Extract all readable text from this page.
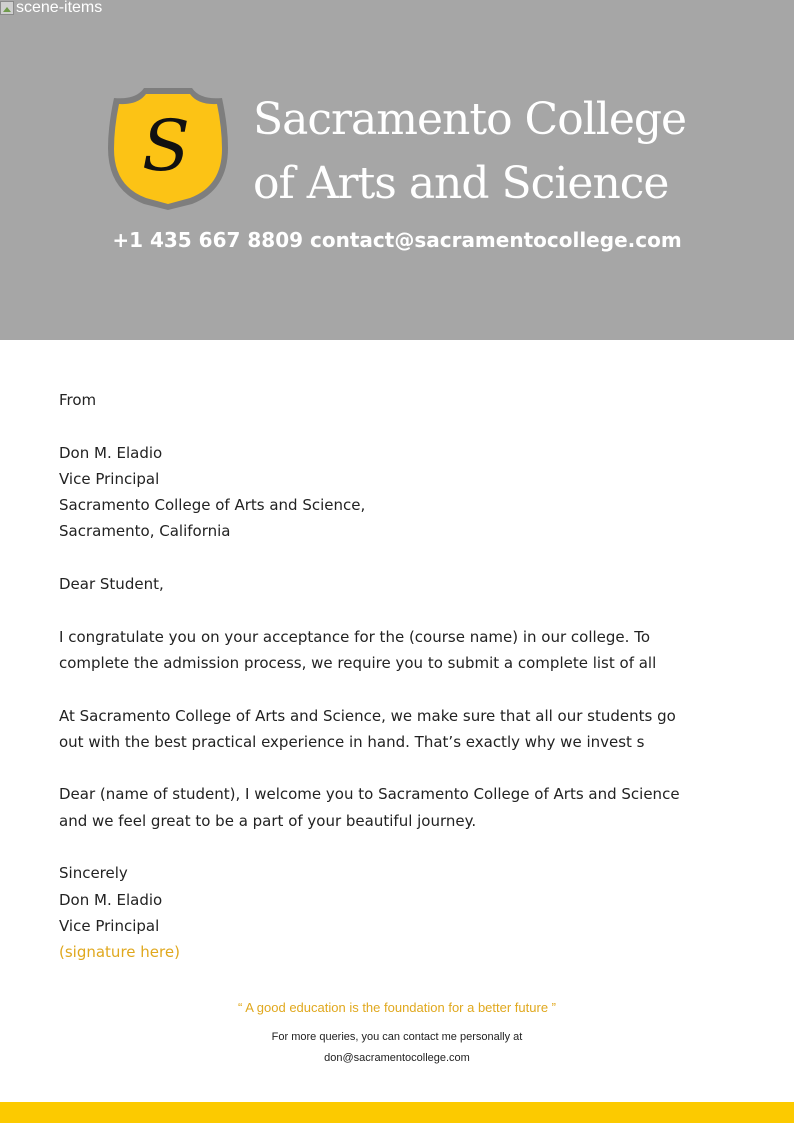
scene-items
S Sacramento College
of Arts and Science
+1 435 667 8809 contact@sacramentocollege.com

From

Don M. Eladio

Vice Principal

Sacramento College of Arts and Science,

Sacramento, California

Dear Student,

I congratulate you on your acceptance for the (course name) in our college. To

complete the admission process, we require you to submit a complete list of all

At Sacramento College of Arts and Science, we make sure that all our students go

out with the best practical experience in hand. That’s exactly why we invest s

Dear (name of student), I welcome you to Sacramento College of Arts and Science

and we feel great to be a part of your beautiful journey.

Sincerely

Don M. Eladio

Vice Principal

(signature here)

“ A good education is the foundation for a better future ”
For more queries, you can contact me personally at
don@sacramentocollege.com
